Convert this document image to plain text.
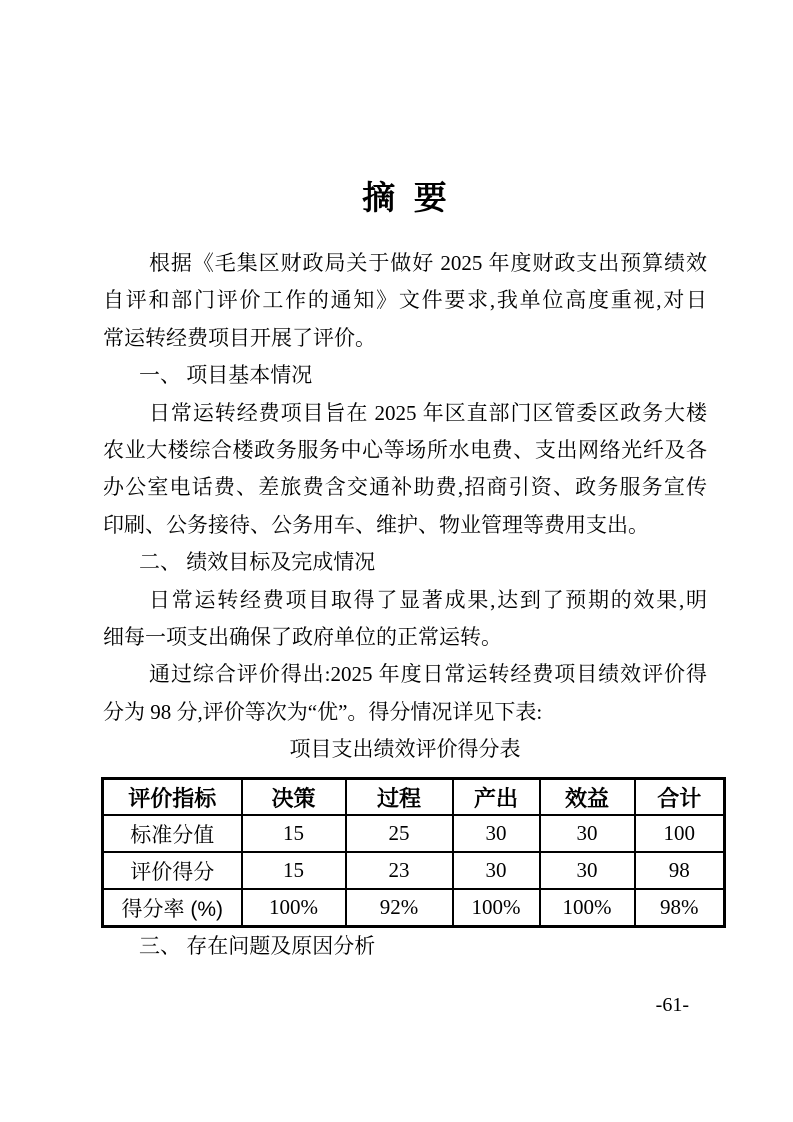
摘 要
根据《毛集区财政局关于做好 2025 年度财政支出预算绩效
自评和部门评价工作的通知》文件要求,我单位高度重视,对日
常运转经费项目开展了评价。
一、 项目基本情况
日常运转经费项目旨在 2025 年区直部门区管委区政务大楼
农业大楼综合楼政务服务中心等场所水电费、支出网络光纤及各
办公室电话费、差旅费含交通补助费,招商引资、政务服务宣传
印刷、公务接待、公务用车、维护、物业管理等费用支出。
二、 绩效目标及完成情况
日常运转经费项目取得了显著成果,达到了预期的效果,明
细每一项支出确保了政府单位的正常运转。
通过综合评价得出:2025 年度日常运转经费项目绩效评价得
分为 98 分,评价等次为“优”。得分情况详见下表:
项目支出绩效评价得分表
评价指标	决策	过程	产出	效益	合计
标准分值	15	25	30	30	100
评价得分	15	23	30	30	98
得分率 (%)	100%	92%	100%	100%	98%
三、 存在问题及原因分析
-61-
